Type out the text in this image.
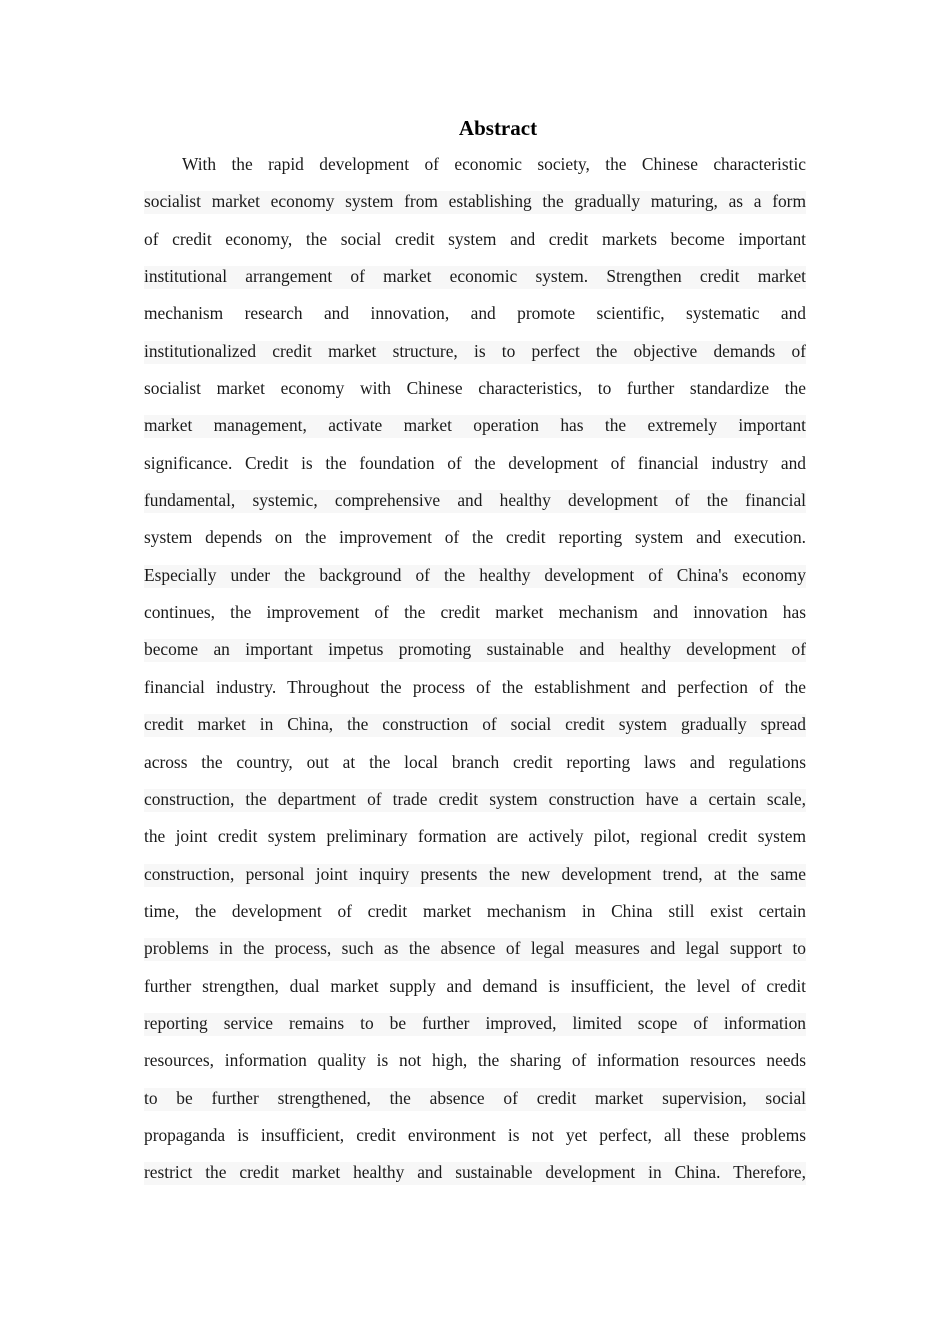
Abstract
With the rapid development of economic society, the Chinese characteristic
socialist market economy system from establishing the gradually maturing, as a form
of credit economy, the social credit system and credit markets become important
institutional arrangement of market economic system. Strengthen credit market
mechanism research and innovation, and promote scientific, systematic and
institutionalized credit market structure, is to perfect the objective demands of
socialist market economy with Chinese characteristics, to further standardize the
market management, activate market operation has the extremely important
significance. Credit is the foundation of the development of financial industry and
fundamental, systemic, comprehensive and healthy development of the financial
system depends on the improvement of the credit reporting system and execution.
Especially under the background of the healthy development of China's economy
continues, the improvement of the credit market mechanism and innovation has
become an important impetus promoting sustainable and healthy development of
financial industry. Throughout the process of the establishment and perfection of the
credit market in China, the construction of social credit system gradually spread
across the country, out at the local branch credit reporting laws and regulations
construction, the department of trade credit system construction have a certain scale,
the joint credit system preliminary formation are actively pilot, regional credit system
construction, personal joint inquiry presents the new development trend, at the same
time, the development of credit market mechanism in China still exist certain
problems in the process, such as the absence of legal measures and legal support to
further strengthen, dual market supply and demand is insufficient, the level of credit
reporting service remains to be further improved, limited scope of information
resources, information quality is not high, the sharing of information resources needs
to be further strengthened, the absence of credit market supervision, social
propaganda is insufficient, credit environment is not yet perfect, all these problems
restrict the credit market healthy and sustainable development in China. Therefore,
